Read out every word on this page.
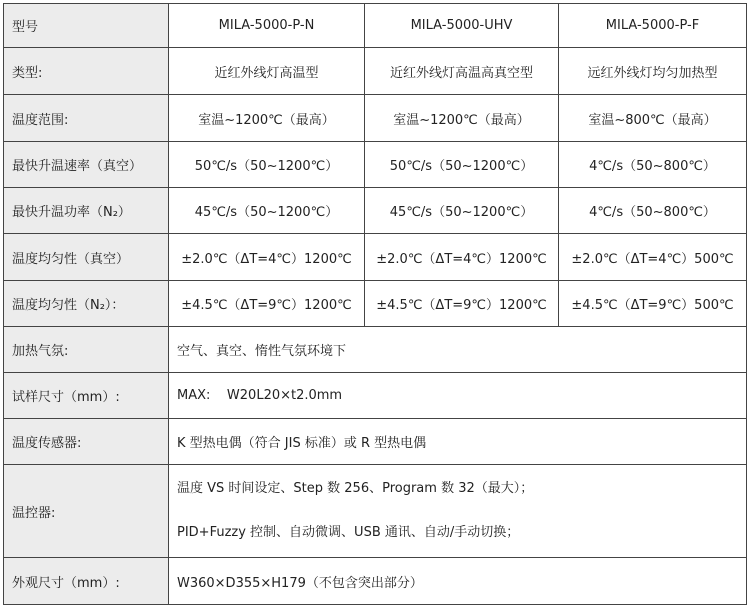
型号	MILA-5000-P-N	MILA-5000-UHV	MILA-5000-P-F
类型:	近红外线灯高温型	近红外线灯高温高真空型	远红外线灯均匀加热型
温度范围:	室温~1200℃（最高）	室温~1200℃（最高）	室温~800℃（最高）
最快升温速率（真空）	50℃/s（50~1200℃）	50℃/s（50~1200℃）	4℃/s（50~800℃）
最快升温功率（N₂）	45℃/s（50~1200℃）	45℃/s（50~1200℃）	4℃/s（50~800℃）
温度均匀性（真空）	±2.0℃（ΔT=4℃）1200℃	±2.0℃（ΔT=4℃）1200℃	±2.0℃（ΔT=4℃）500℃
温度均匀性（N₂）：	±4.5℃（ΔT=9℃）1200℃	±4.5℃（ΔT=9℃）1200℃	±4.5℃（ΔT=9℃）500℃
加热气氛:	空气、真空、惰性气氛环境下		
试样尺寸（mm）:	MAX:    W20L20×t2.0mm		
温度传感器:	K 型热电偶（符合 JIS 标准）或 R 型热电偶		
温控器:	温度 VS 时间设定、Step 数 256、Program 数 32（最大）；
PID+Fuzzy 控制、自动微调、USB 通讯、自动/手动切换；		

外观尺寸（mm）:	W360×D355×H179（不包含突出部分）		
